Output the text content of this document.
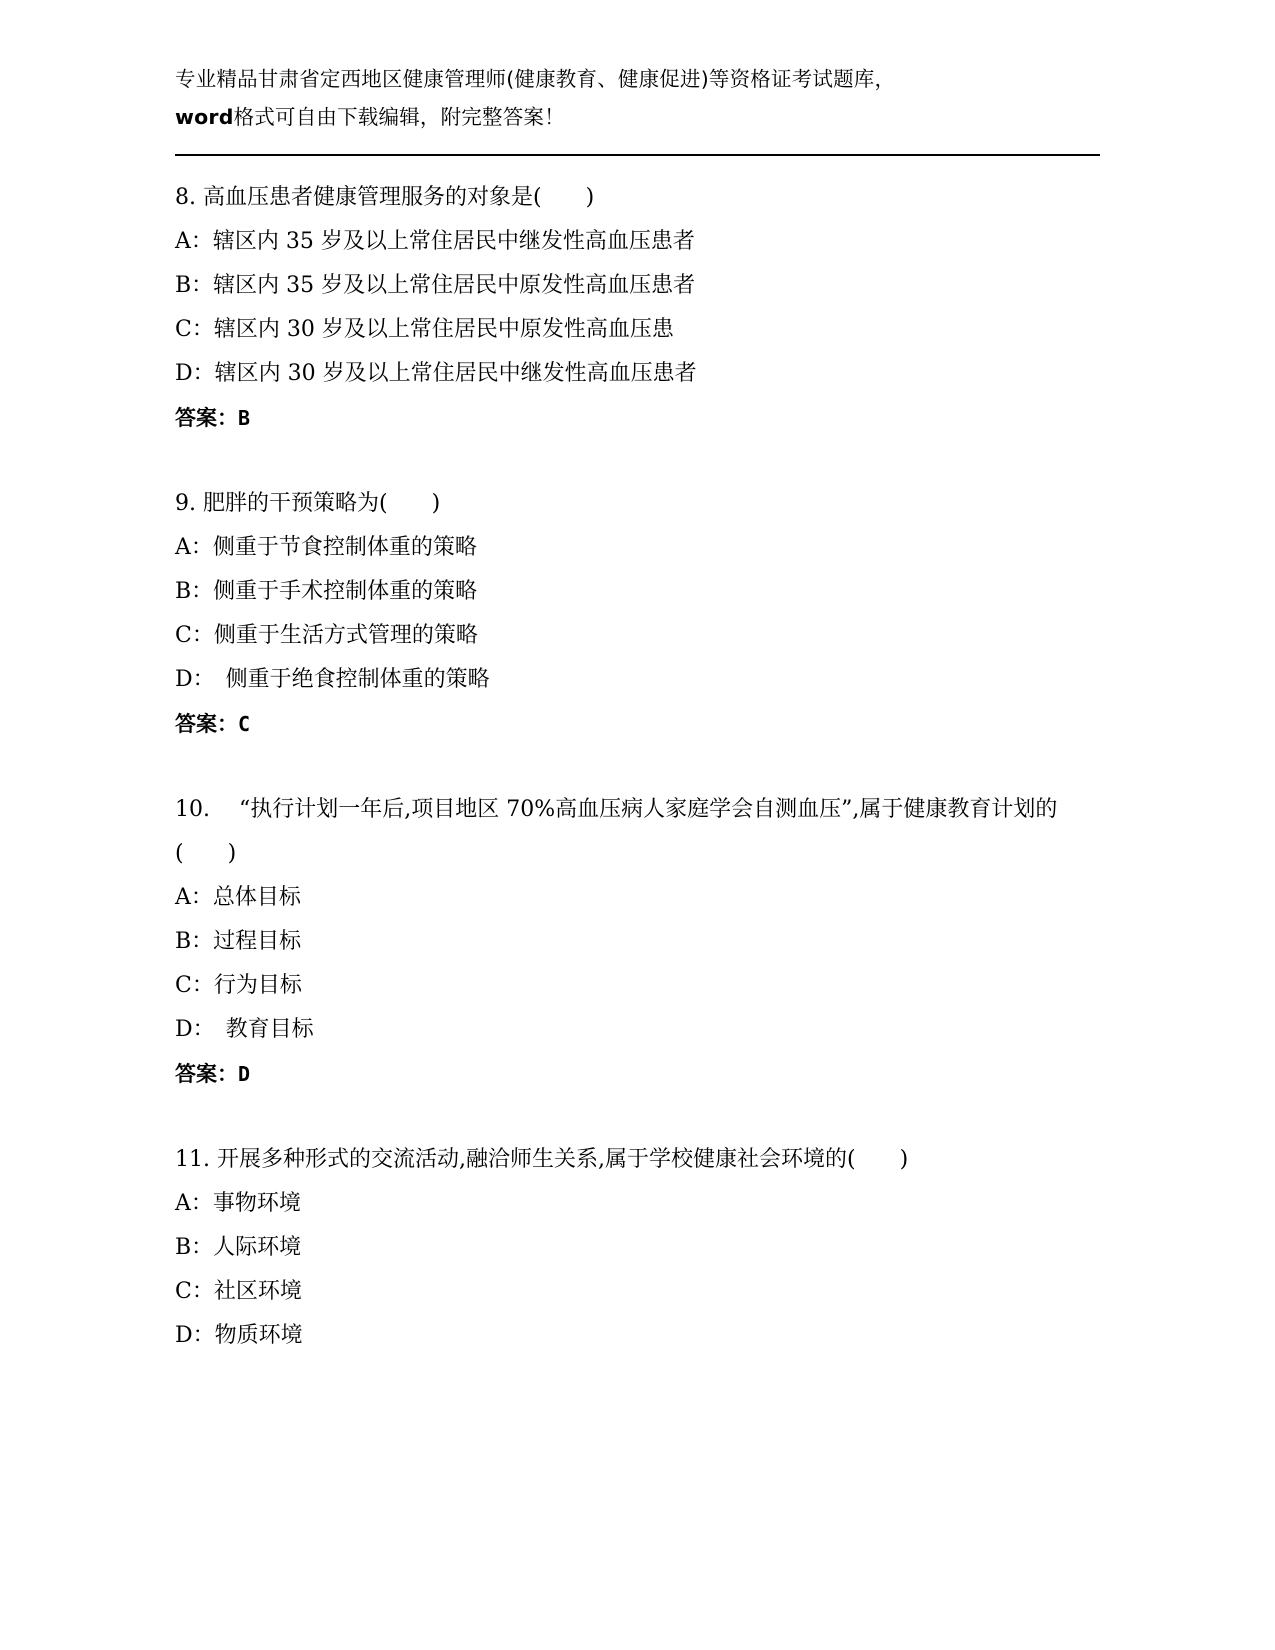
专业精品甘肃省定西地区健康管理师(健康教育、健康促进)等资格证考试题库，
word格式可自由下载编辑，附完整答案！

8. 高血压患者健康管理服务的对象是(　　)

A：辖区内 35 岁及以上常住居民中继发性高血压患者

B：辖区内 35 岁及以上常住居民中原发性高血压患者

C：辖区内 30 岁及以上常住居民中原发性高血压患

D：辖区内 30 岁及以上常住居民中继发性高血压患者

答案：B

9. 肥胖的干预策略为(　　)

A：侧重于节食控制体重的策略

B：侧重于手术控制体重的策略

C：侧重于生活方式管理的策略

D：　侧重于绝食控制体重的策略

答案：C

10. 　“执行计划一年后,项目地区 70%高血压病人家庭学会自测血压”,属于健康教育计划的(　　)

A：总体目标

B：过程目标

C：行为目标

D：　教育目标

答案：D

11. 开展多种形式的交流活动,融洽师生关系,属于学校健康社会环境的(　　)

A：事物环境

B：人际环境

C：社区环境

D：物质环境
